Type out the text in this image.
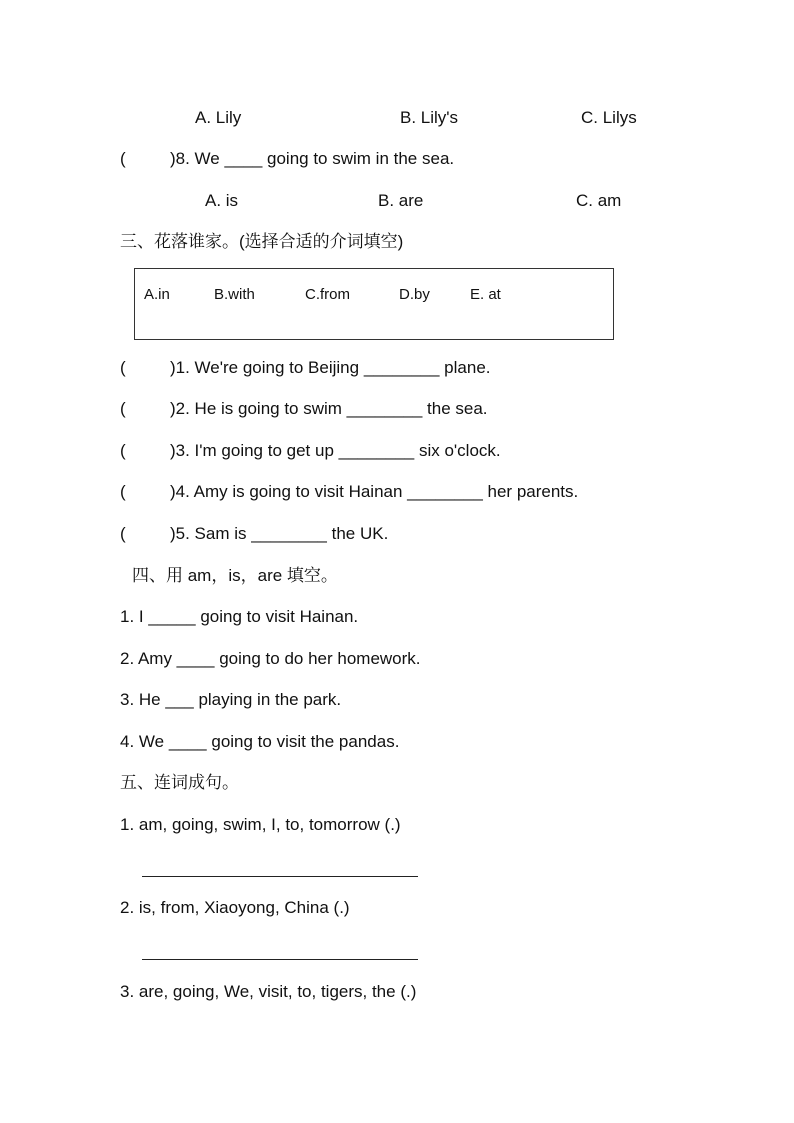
A. Lily	B. Lily's	C. Lilys
(	)8. We ____ going to swim in the sea.
A. is	B. are	C. am
三、花落谁家。(选择合适的介词填空)
A.in	B.with	C.from	D.by	E. at
(	)1. We're going to Beijing ________ plane.
(	)2. He is going to swim ________ the sea.
(	)3. I'm going to get up ________ six o'clock.
(	)4. Amy is going to visit Hainan ________ her parents.
(	)5. Sam is ________ the UK.
四、用 am，is，are 填空。
1. I _____ going to visit Hainan.
2. Amy ____ going to do her homework.
3. He ___ playing in the park.
4. We ____ going to visit the pandas.
五、连词成句。
1. am, going, swim, I, to, tomorrow (.)
2. is, from, Xiaoyong, China (.)
3. are, going, We, visit, to, tigers, the (.)
